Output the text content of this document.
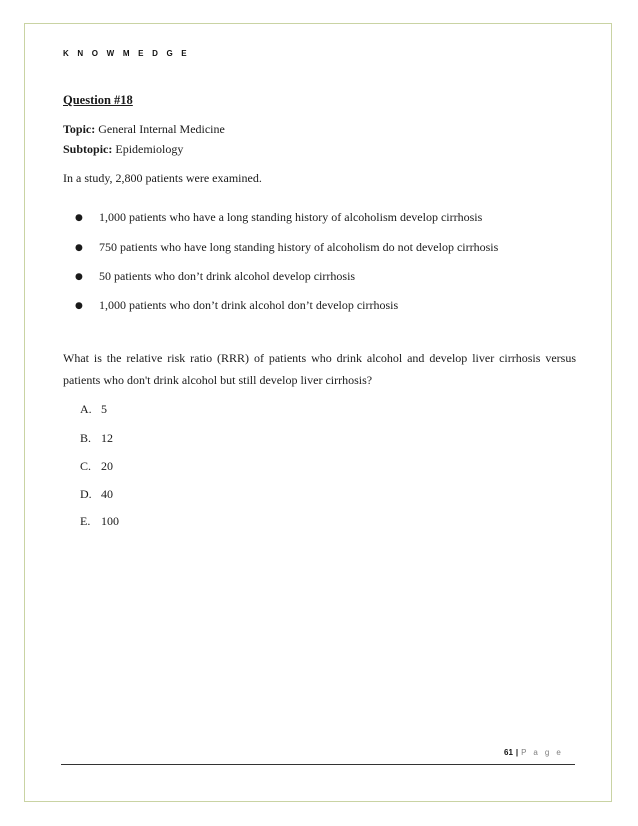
K N O W M E D G E
Question #18
Topic: General Internal Medicine
Subtopic: Epidemiology
In a study, 2,800 patients were examined.
● 1,000 patients who have a long standing history of alcoholism develop cirrhosis
● 750 patients who have long standing history of alcoholism do not develop cirrhosis
● 50 patients who don’t drink alcohol develop cirrhosis
● 1,000 patients who don’t drink alcohol don’t develop cirrhosis
What is the relative risk ratio (RRR) of patients who drink alcohol and develop liver cirrhosis versus patients who don't drink alcohol but still develop liver cirrhosis?
A. 5
B. 12
C. 20
D. 40
E. 100
61 | P a g e
